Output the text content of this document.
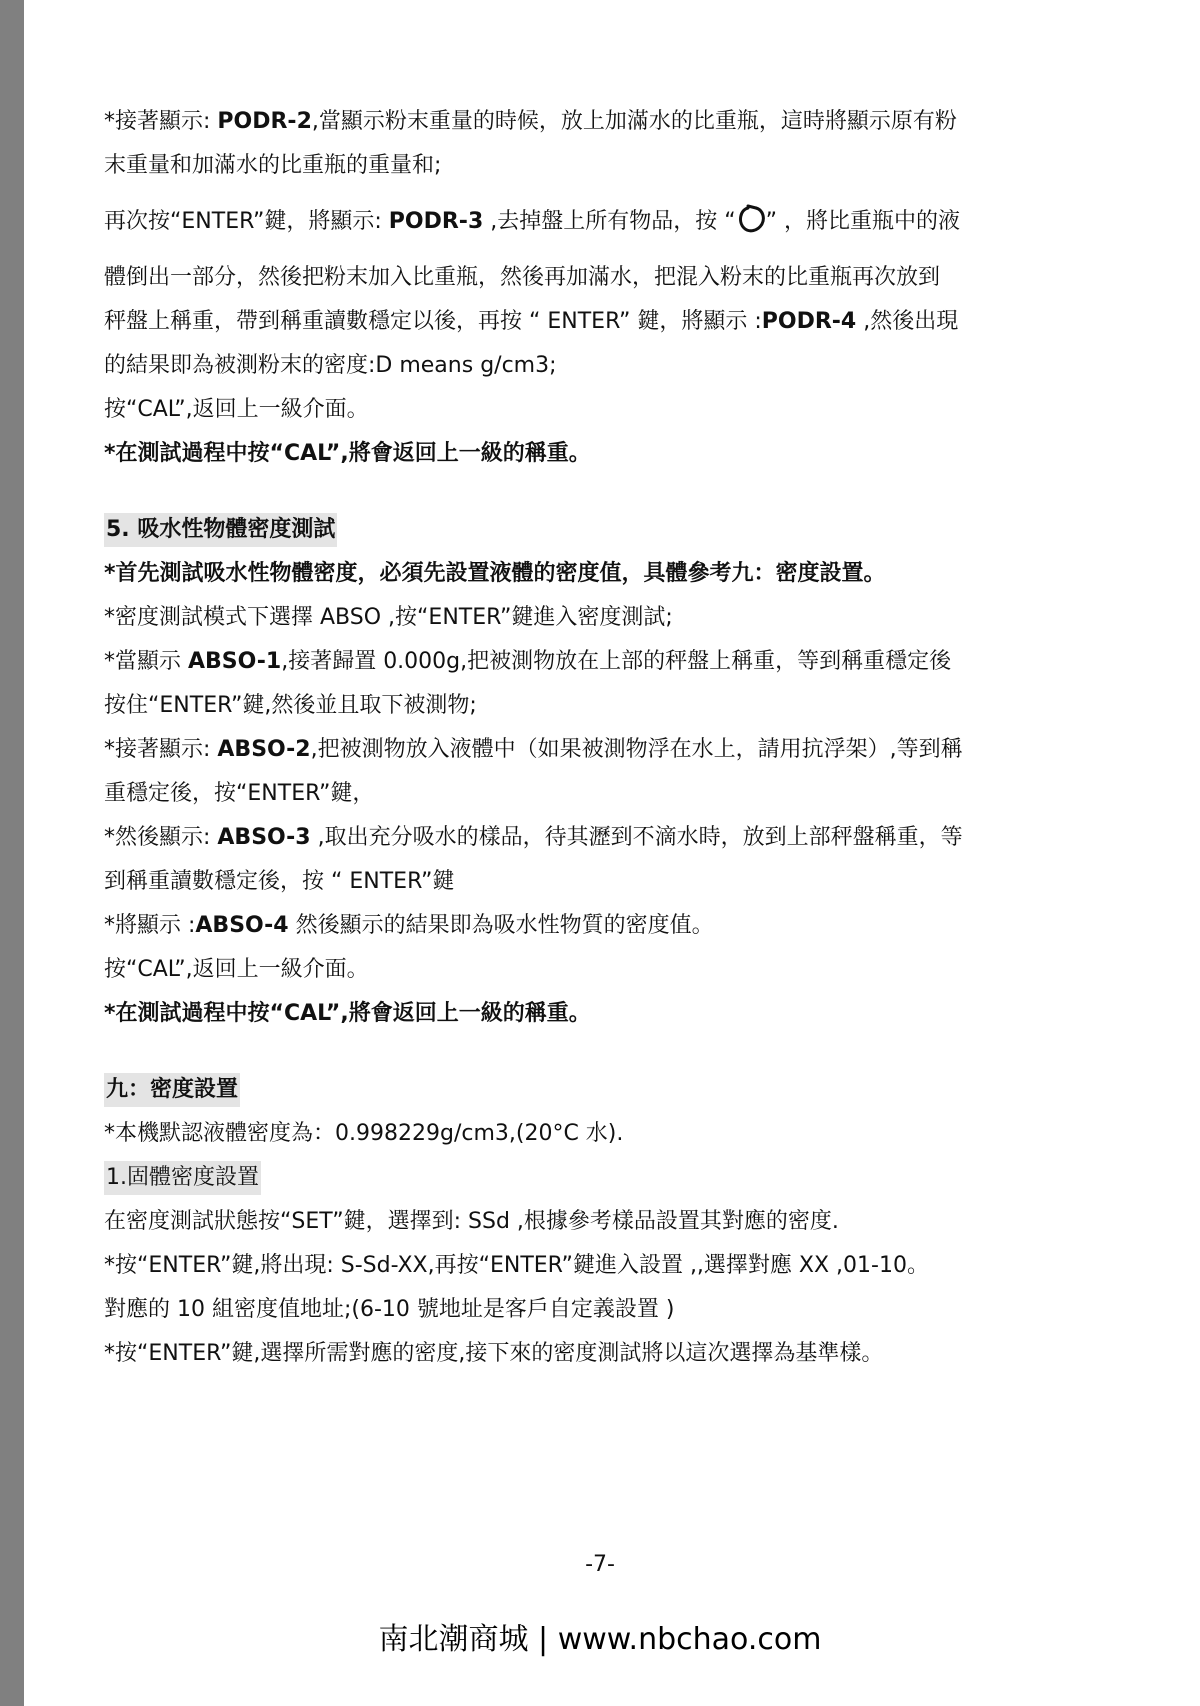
*接著顯示: PODR-2,當顯示粉末重量的時候，放上加滿水的比重瓶，這時將顯示原有粉

末重量和加滿水的比重瓶的重量和;

再次按“ENTER”鍵，將顯示: PODR-3 ,去掉盤上所有物品，按 “ ” ，將比重瓶中的液

體倒出一部分，然後把粉末加入比重瓶，然後再加滿水，把混入粉末的比重瓶再次放到

秤盤上稱重，帶到稱重讀數穩定以後，再按 “ ENTER” 鍵，將顯示 :PODR-4 ,然後出現

的結果即為被測粉末的密度:D means g/cm3;

按“CAL”,返回上一級介面。

*在測試過程中按“CAL”,將會返回上一級的稱重。

5. 吸水性物體密度測試

*首先測試吸水性物體密度，必須先設置液體的密度值，具體參考九：密度設置。

*密度測試模式下選擇 ABSO ,按“ENTER”鍵進入密度測試;

*當顯示 ABSO-1,接著歸置 0.000g,把被測物放在上部的秤盤上稱重，等到稱重穩定後

按住“ENTER”鍵,然後並且取下被測物;

*接著顯示: ABSO-2,把被測物放入液體中（如果被測物浮在水上，請用抗浮架）,等到稱

重穩定後，按“ENTER”鍵，

*然後顯示: ABSO-3 ,取出充分吸水的樣品，待其瀝到不滴水時，放到上部秤盤稱重，等

到稱重讀數穩定後，按 “ ENTER”鍵

*將顯示 :ABSO-4 然後顯示的結果即為吸水性物質的密度值。

按“CAL”,返回上一級介面。

*在測試過程中按“CAL”,將會返回上一級的稱重。

九：密度設置

*本機默認液體密度為：0.998229g/cm3,(20°C 水).

1.固體密度設置

在密度測試狀態按“SET”鍵，選擇到: SSd ,根據參考樣品設置其對應的密度.

*按“ENTER”鍵,將出現: S-Sd-XX,再按“ENTER”鍵進入設置 ,,選擇對應 XX ,01-10。

對應的 10 組密度值地址;(6-10 號地址是客戶自定義設置 )

*按“ENTER”鍵,選擇所需對應的密度,接下來的密度測試將以這次選擇為基準樣。

-7-
南北潮商城 | www.nbchao.com
